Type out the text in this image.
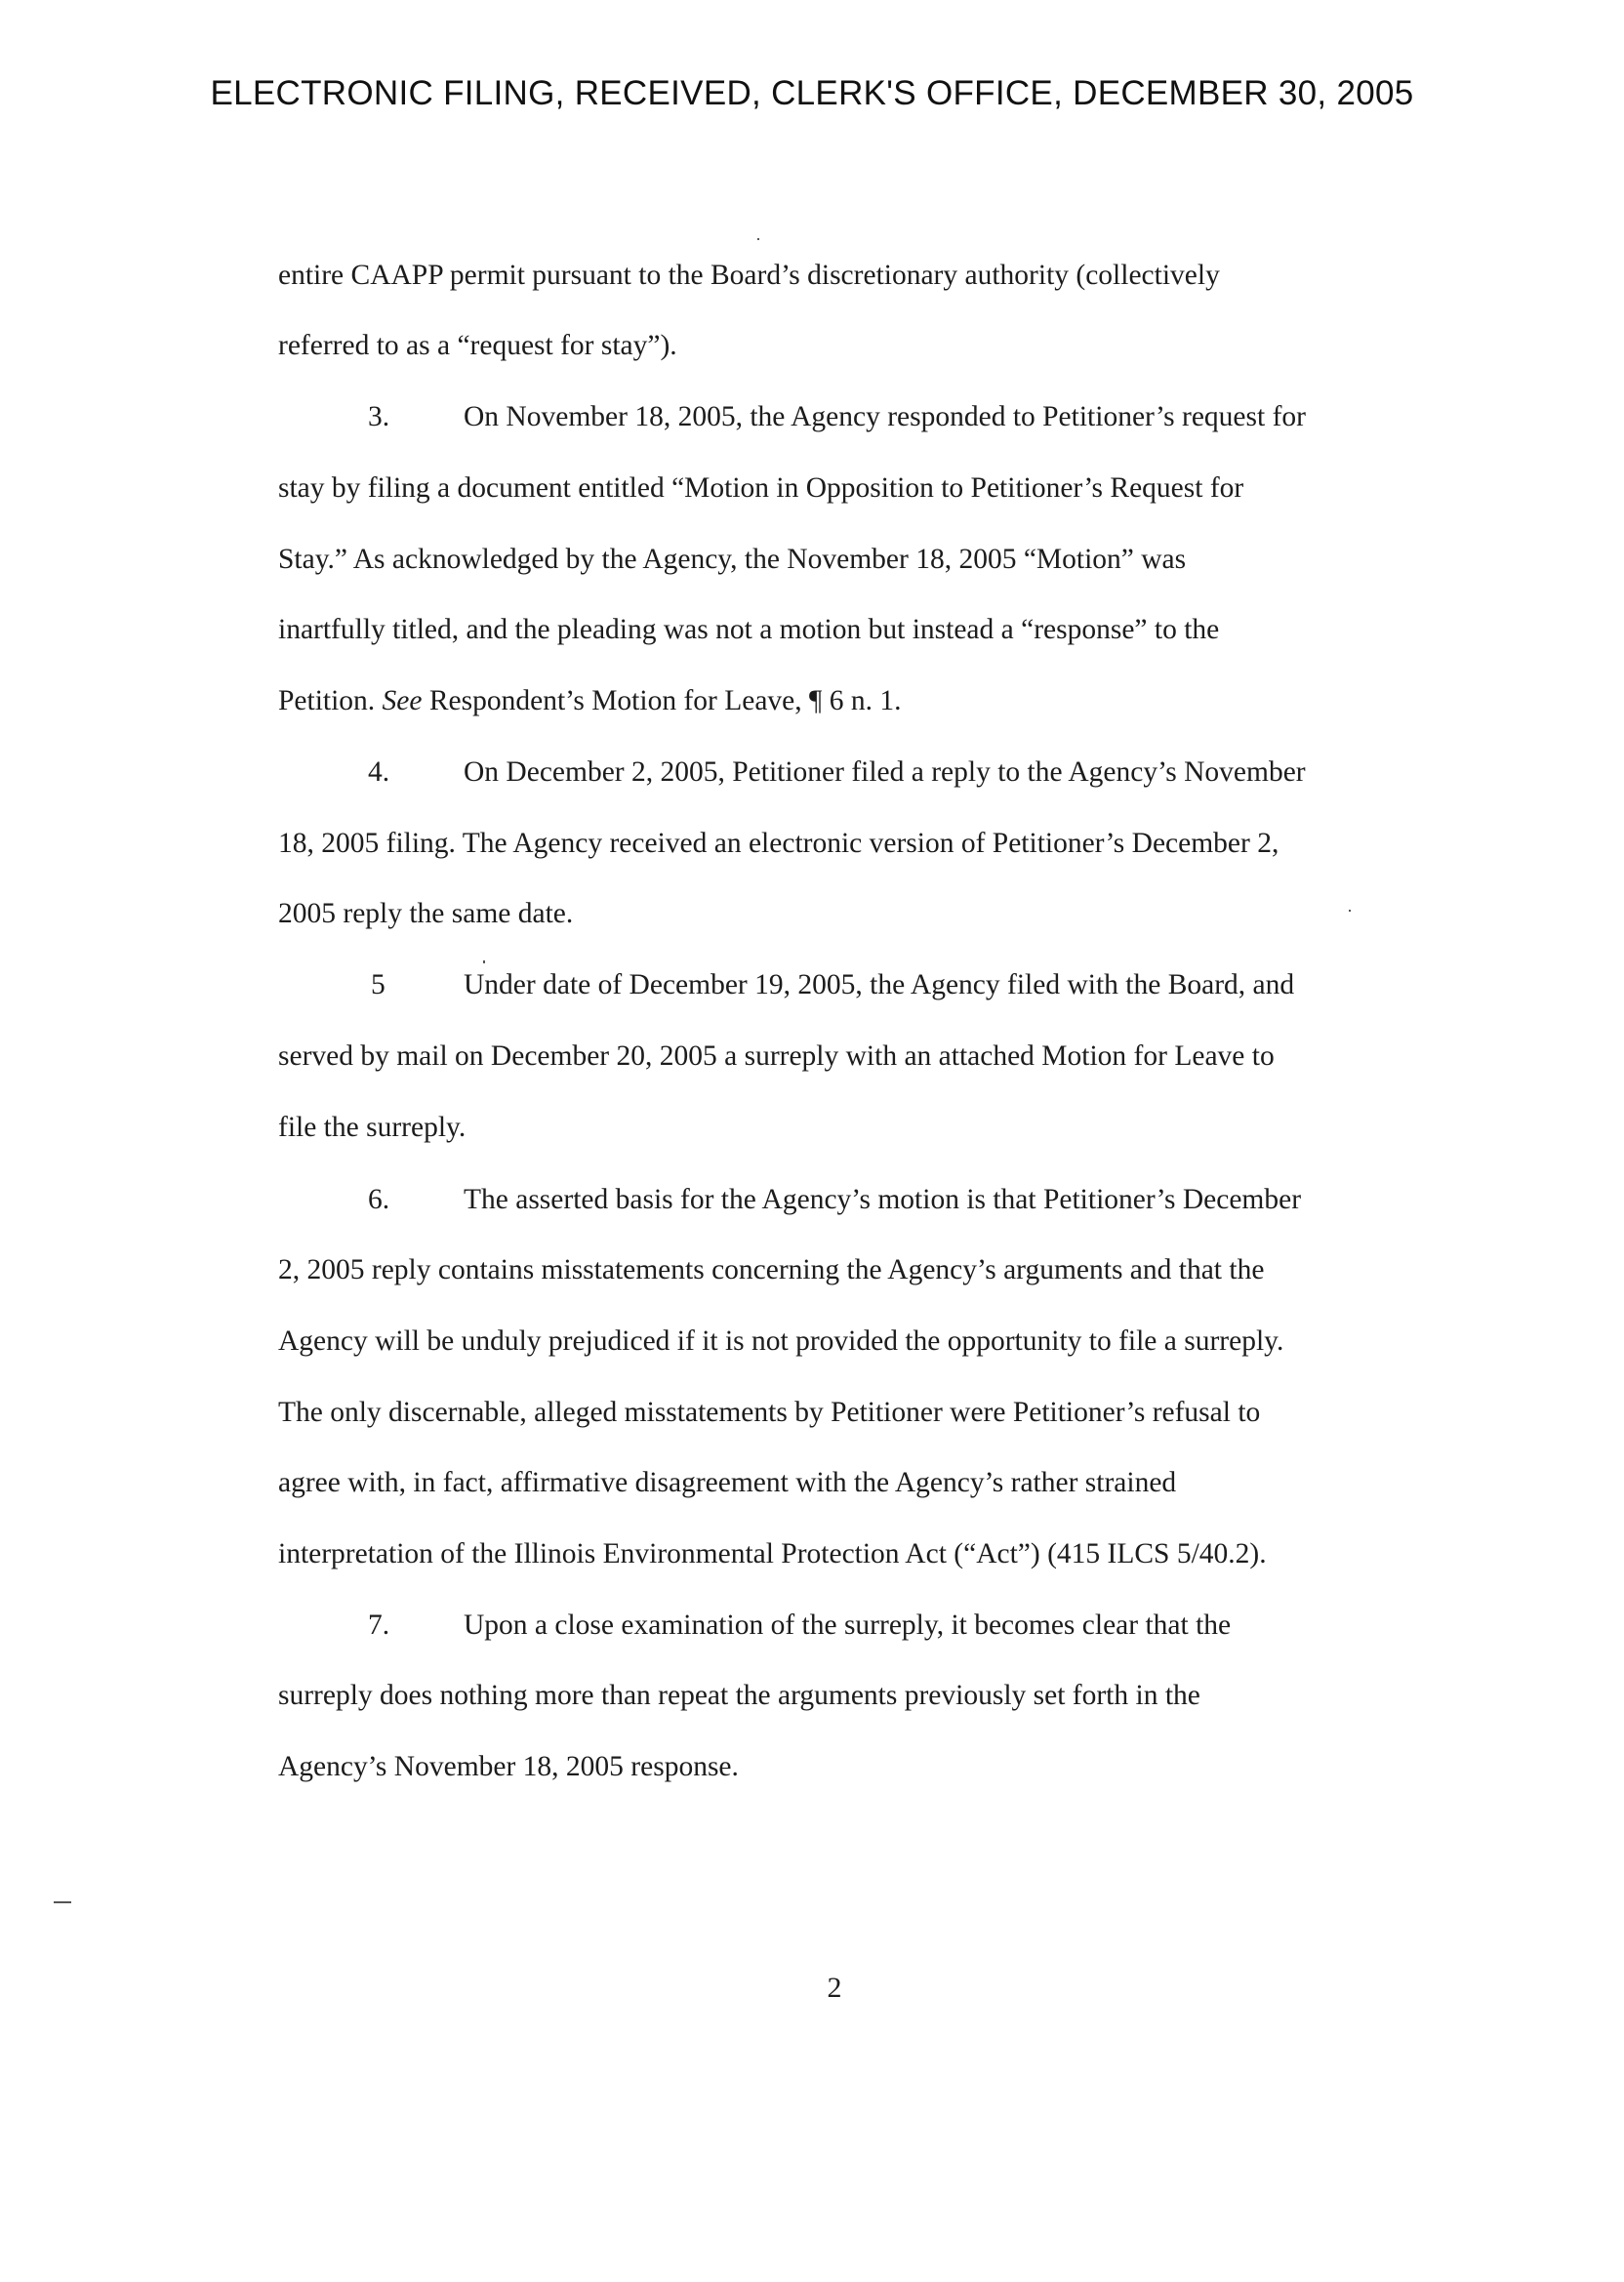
ELECTRONIC FILING, RECEIVED, CLERK'S OFFICE, DECEMBER 30, 2005
entire CAAPP permit pursuant to the Board’s discretionary authority (collectively
referred to as a “request for stay”).
3.	On November 18, 2005, the Agency responded to Petitioner’s request for
stay by filing a document entitled “Motion in Opposition to Petitioner’s Request for
Stay.” As acknowledged by the Agency, the November 18, 2005 “Motion” was
inartfully titled, and the pleading was not a motion but instead a “response” to the
Petition. See Respondent’s Motion for Leave, ¶ 6 n. 1.
4.	On December 2, 2005, Petitioner filed a reply to the Agency’s November
18, 2005 filing. The Agency received an electronic version of Petitioner’s December 2,
2005 reply the same date.
5	Under date of December 19, 2005, the Agency filed with the Board, and
served by mail on December 20, 2005 a surreply with an attached Motion for Leave to
file the surreply.
6.	The asserted basis for the Agency’s motion is that Petitioner’s December
2, 2005 reply contains misstatements concerning the Agency’s arguments and that the
Agency will be unduly prejudiced if it is not provided the opportunity to file a surreply.
The only discernable, alleged misstatements by Petitioner were Petitioner’s refusal to
agree with, in fact, affirmative disagreement with the Agency’s rather strained
interpretation of the Illinois Environmental Protection Act (“Act”) (415 ILCS 5/40.2).
7.	Upon a close examination of the surreply, it becomes clear that the
surreply does nothing more than repeat the arguments previously set forth in the
Agency’s November 18, 2005 response.
2
